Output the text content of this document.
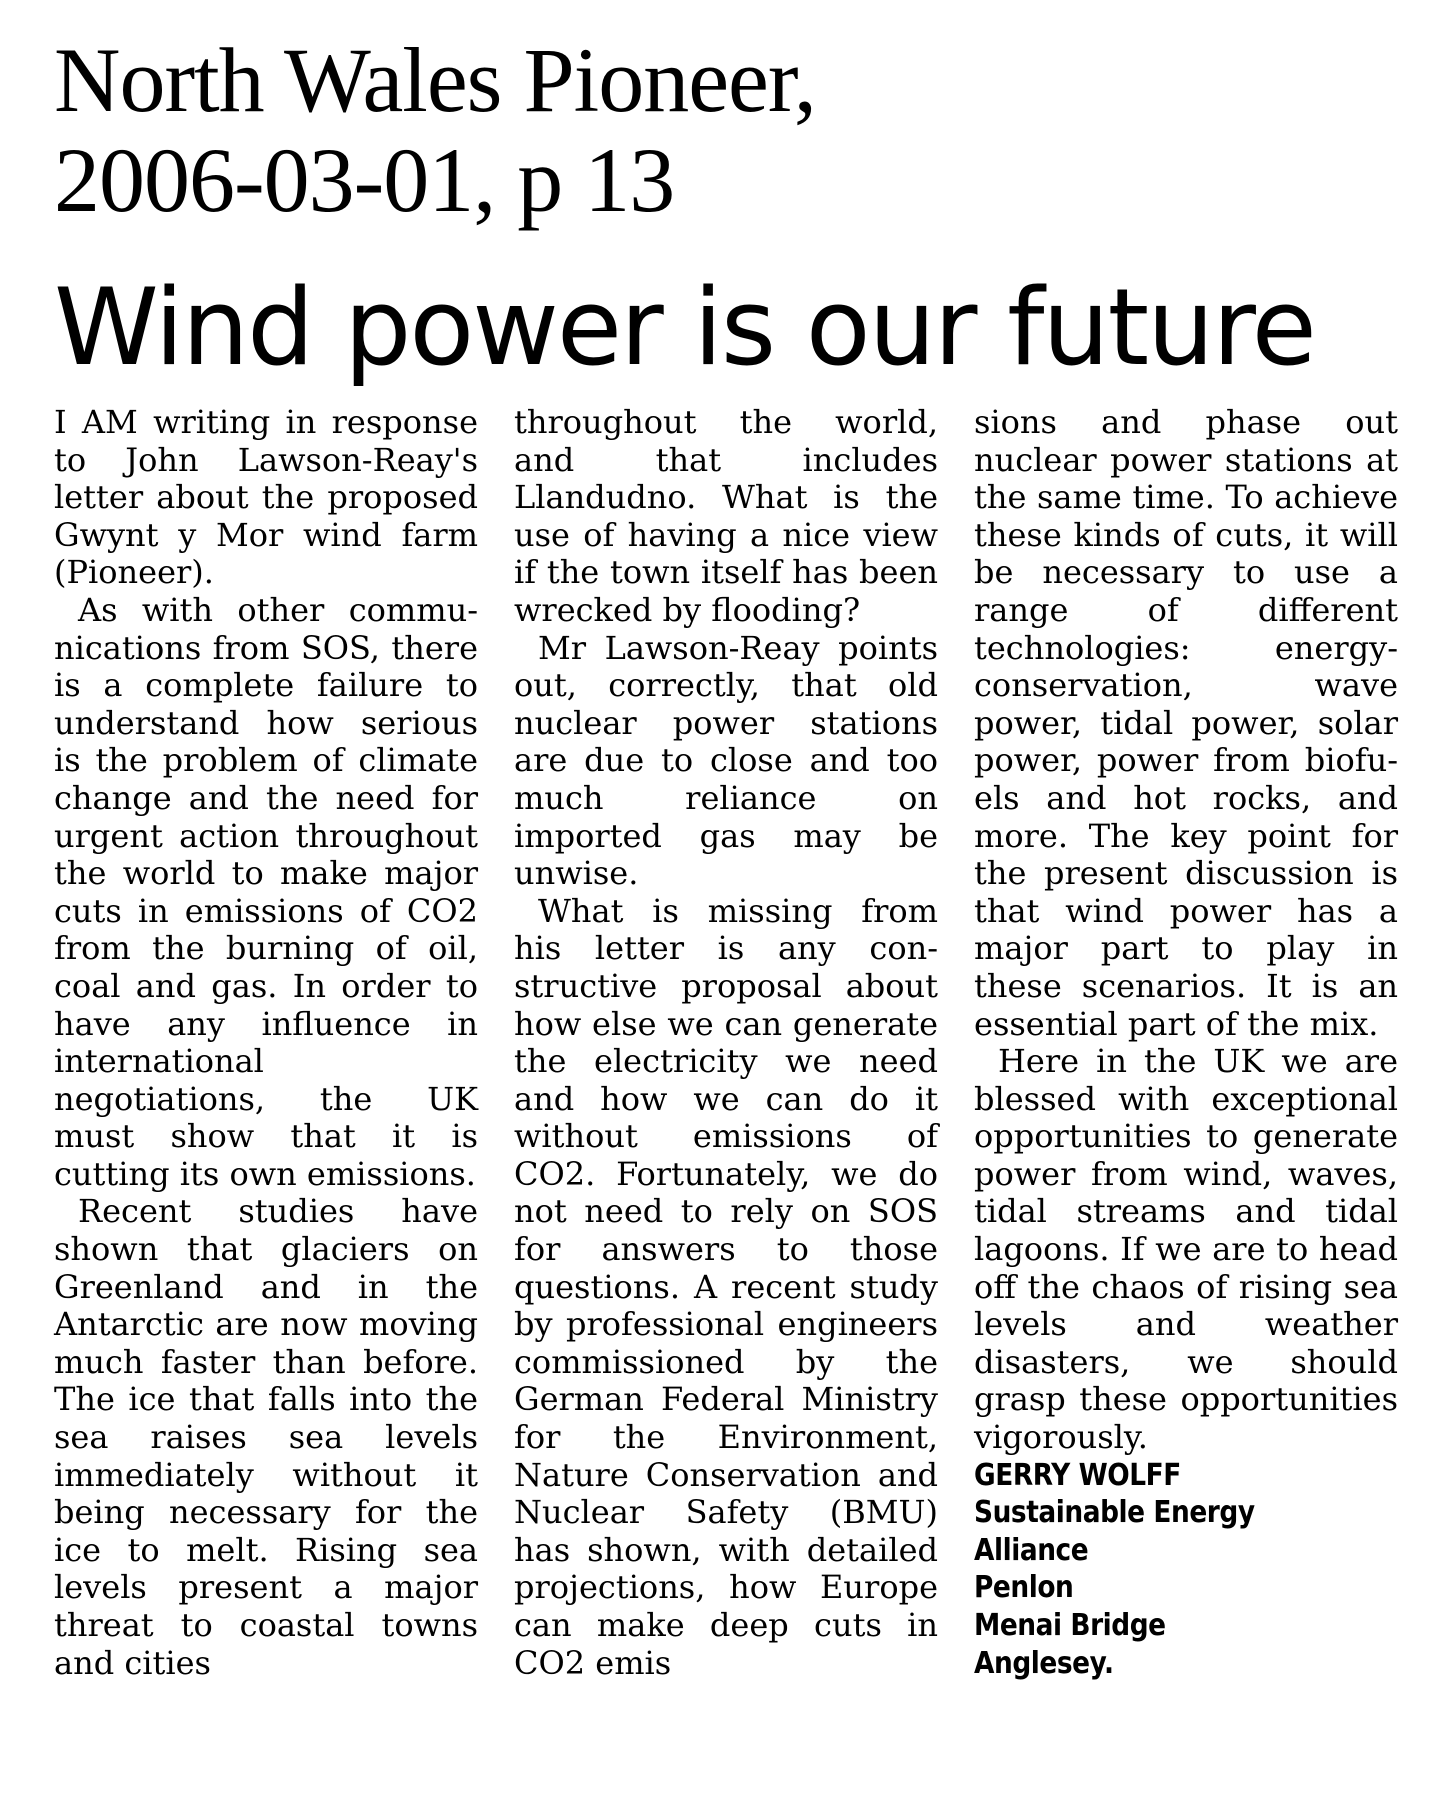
North Wales Pioneer,
2006-03-01, p 13
Wind power is our future

I AM writing in response to John Lawson-Reay's letter about the proposed Gwynt y Mor wind farm (Pioneer).

As with other communications from SOS, there is a complete failure to understand how serious is the problem of climate change and the need for urgent action throughout the world to make major cuts in emissions of CO2 from the burning of oil, coal and gas. In order to have any influence in international negotiations, the UK must show that it is cutting its own emissions.

Recent studies have shown that glaciers on Greenland and in the Antarctic are now moving much faster than before. The ice that falls into the sea raises sea levels immediately without it being necessary for the ice to melt. Rising sea levels present a major threat to coastal towns and cities

throughout the world, and that includes Llandudno. What is the use of having a nice view if the town itself has been wrecked by flooding?

Mr Lawson-Reay points out, correctly, that old nuclear power stations are due to close and too much reliance on imported gas may be unwise.

What is missing from his letter is any constructive proposal about how else we can generate the electricity we need and how we can do it without emissions of CO2. Fortunately, we do not need to rely on SOS for answers to those questions. A recent study by professional engineers commissioned by the German Federal Ministry for the Environment, Nature Conservation and Nuclear Safety (BMU) has shown, with detailed projections, how Europe can make deep cuts in CO2 emis

sions and phase out nuclear power stations at the same time. To achieve these kinds of cuts, it will be necessary to use a range of different technologies: energy-conservation, wave power, tidal power, solar power, power from biofuels and hot rocks, and more. The key point for the present discussion is that wind power has a major part to play in these scenarios. It is an essential part of the mix.

Here in the UK we are blessed with exceptional opportunities to generate power from wind, waves, tidal streams and tidal lagoons. If we are to head off the chaos of rising sea levels and weather disasters, we should grasp these opportunities vigorously.

GERRY WOLFF
Sustainable Energy
Alliance
Penlon
Menai Bridge
Anglesey.
